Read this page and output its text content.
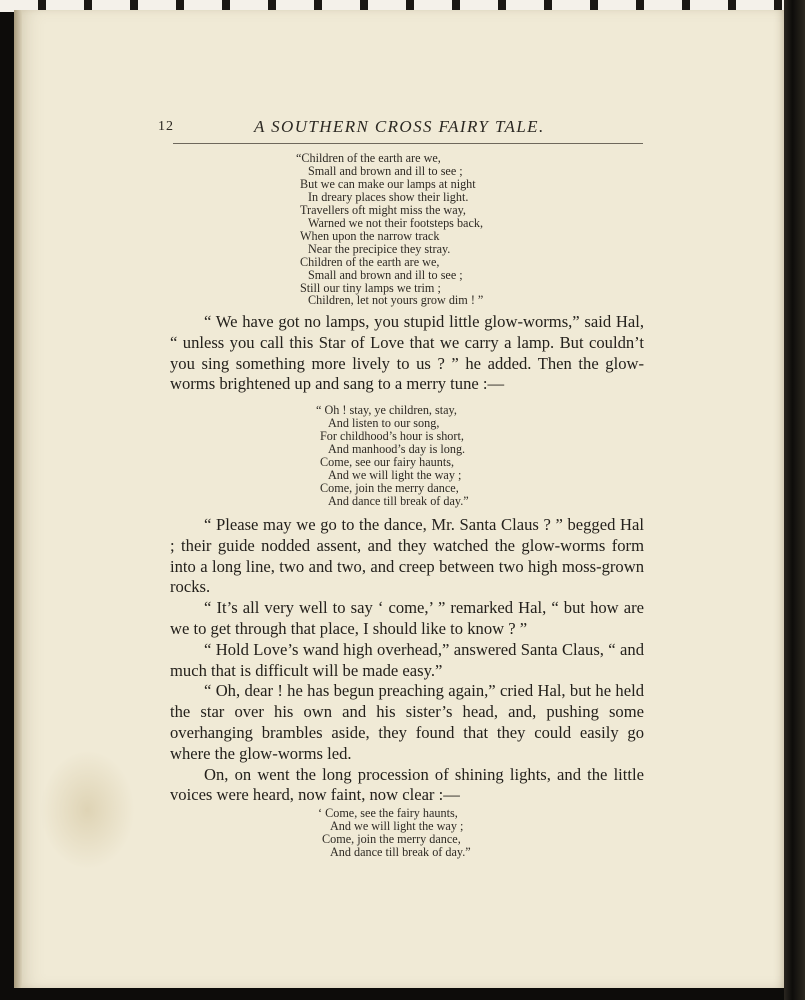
12	A SOUTHERN CROSS FAIRY TALE.
“Children of the earth are we,
Small and brown and ill to see ;
But we can make our lamps at night
In dreary places show their light.
Travellers oft might miss the way,
Warned we not their footsteps back,
When upon the narrow track
Near the precipice they stray.
Children of the earth are we,
Small and brown and ill to see ;
Still our tiny lamps we trim ;
Children, let not yours grow dim ! ”

“ We have got no lamps, you stupid little glow-worms,” said Hal, “ unless you call this Star of Love that we carry a lamp. But couldn’t you sing something more lively to us ? ” he added. Then the glow-worms brightened up and sang to a merry tune :—

“ Oh ! stay, ye children, stay,
And listen to our song,
For childhood’s hour is short,
And manhood’s day is long.
Come, see our fairy haunts,
And we will light the way ;
Come, join the merry dance,
And dance till break of day.”

“ Please may we go to the dance, Mr. Santa Claus ? ” begged Hal ; their guide nodded assent, and they watched the glow-worms form into a long line, two and two, and creep between two high moss-grown rocks.

“ It’s all very well to say ‘ come,’ ” remarked Hal, “ but how are we to get through that place, I should like to know ? ”

“ Hold Love’s wand high overhead,” answered Santa Claus, “ and much that is difficult will be made easy.”

“ Oh, dear ! he has begun preaching again,” cried Hal, but he held the star over his own and his sister’s head, and, pushing some overhanging brambles aside, they found that they could easily go where the glow-worms led.

On, on went the long procession of shining lights, and the little voices were heard, now faint, now clear :—

‘ Come, see the fairy haunts,
And we will light the way ;
Come, join the merry dance,
And dance till break of day.”
